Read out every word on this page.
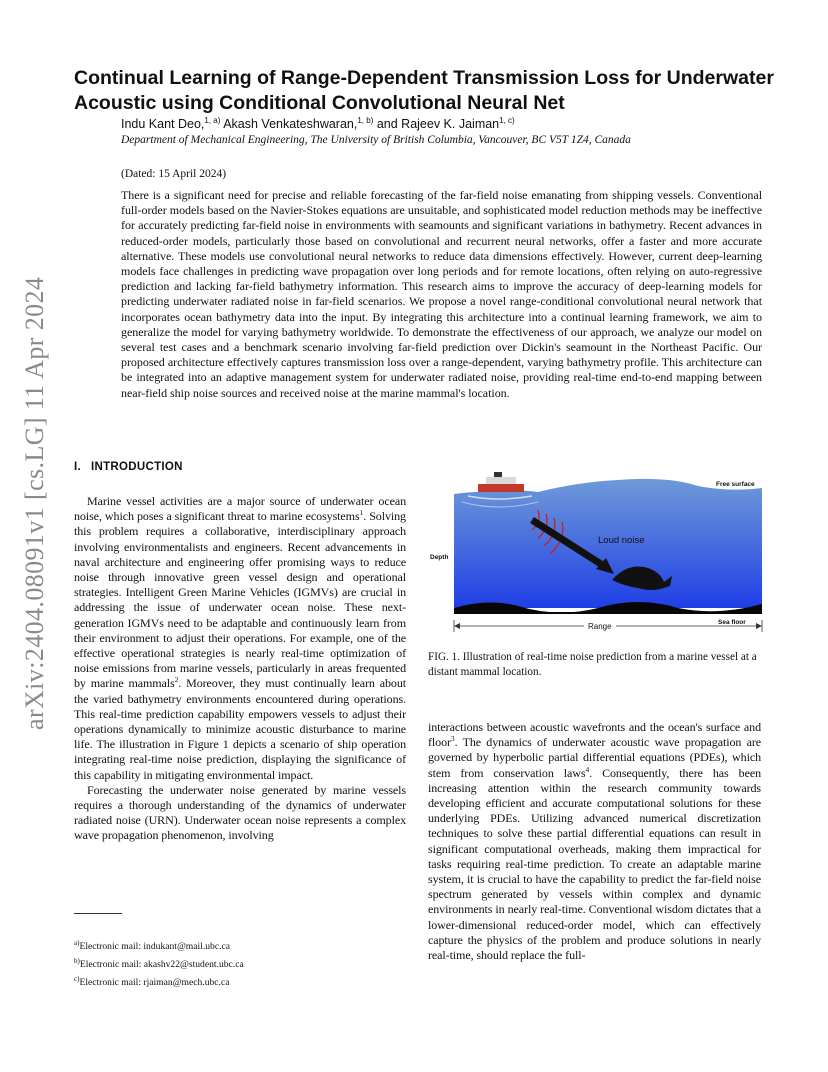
arXiv:2404.08091v1 [cs.LG] 11 Apr 2024
Continual Learning of Range-Dependent Transmission Loss for Underwater Acoustic using Conditional Convolutional Neural Net
Indu Kant Deo,$^{1, a)}$ Akash Venkateshwaran,$^{1, b)}$ and Rajeev K. Jaiman$^{1, c)}$
Department of Mechanical Engineering, The University of British Columbia, Vancouver, BC V5T 1Z4, Canada
(Dated: 15 April 2024)

There is a significant need for precise and reliable forecasting of the far-field noise emanating from shipping vessels. Conventional full-order models based on the Navier-Stokes equations are unsuitable, and sophisticated model reduction methods may be ineffective for accurately predicting far-field noise in environments with seamounts and significant variations in bathymetry. Recent advances in reduced-order models, particularly those based on convolutional and recurrent neural networks, offer a faster and more accurate alternative. These models use convolutional neural networks to reduce data dimensions effectively. However, current deep-learning models face challenges in predicting wave propagation over long periods and for remote locations, often relying on auto-regressive prediction and lacking far-field bathymetry information. This research aims to improve the accuracy of deep-learning models for predicting underwater radiated noise in far-field scenarios. We propose a novel range-conditional convolutional neural network that incorporates ocean bathymetry data into the input. By integrating this architecture into a continual learning framework, we aim to generalize the model for varying bathymetry worldwide. To demonstrate the effectiveness of our approach, we analyze our model on several test cases and a benchmark scenario involving far-field prediction over Dickin's seamount in the Northeast Pacific. Our proposed architecture effectively captures transmission loss over a range-dependent, varying bathymetry profile. This architecture can be integrated into an adaptive management system for underwater radiated noise, providing real-time end-to-end mapping between near-field ship noise sources and received noise at the marine mammal's location.

I. INTRODUCTION

Marine vessel activities are a major source of underwater ocean noise, which poses a significant threat to marine ecosystems$^1$. Solving this problem requires a collaborative, interdisciplinary approach involving environmentalists and engineers. Recent advancements in naval architecture and engineering offer promising ways to reduce noise through innovative green vessel design and operational strategies. Intelligent Green Marine Vehicles (IGMVs) are crucial in addressing the issue of underwater ocean noise. These next-generation IGMVs need to be adaptable and continuously learn from their environment to adjust their operations. For example, one of the effective operational strategies is nearly real-time optimization of noise emissions from marine vessels, particularly in areas frequented by marine mammals$^2$. Moreover, they must continually learn about the varied bathymetry environments encountered during operations. This real-time prediction capability empowers vessels to adjust their operations dynamically to minimize acoustic disturbance to marine life. The illustration in Figure 1 depicts a scenario of ship operation integrating real-time noise prediction, displaying the significance of this capability in mitigating environmental impact.

Forecasting the underwater noise generated by marine vessels requires a thorough understanding of the dynamics of underwater radiated noise (URN). Underwater ocean noise represents a complex wave propagation phenomenon, involving

$^{a)}$Electronic mail: indukant@mail.ubc.ca
$^{b)}$Electronic mail: akashv22@student.ubc.ca
$^{c)}$Electronic mail: rjaiman@mech.ubc.ca
Loud noise
Free surface
Depth
Range	Sea floor
FIG. 1. Illustration of real-time noise prediction from a marine vessel at a distant mammal location.

interactions between acoustic wavefronts and the ocean's surface and floor$^3$. The dynamics of underwater acoustic wave propagation are governed by hyperbolic partial differential equations (PDEs), which stem from conservation laws$^4$. Consequently, there has been increasing attention within the research community towards developing efficient and accurate computational solutions for these underlying PDEs. Utilizing advanced numerical discretization techniques to solve these partial differential equations can result in significant computational overheads, making them impractical for tasks requiring real-time prediction. To create an adaptable marine system, it is crucial to have the capability to predict the far-field noise spectrum generated by vessels within complex and dynamic environments in nearly real-time. Conventional wisdom dictates that a lower-dimensional reduced-order model, which can effectively capture the physics of the problem and produce solutions in nearly real-time, should replace the full-
